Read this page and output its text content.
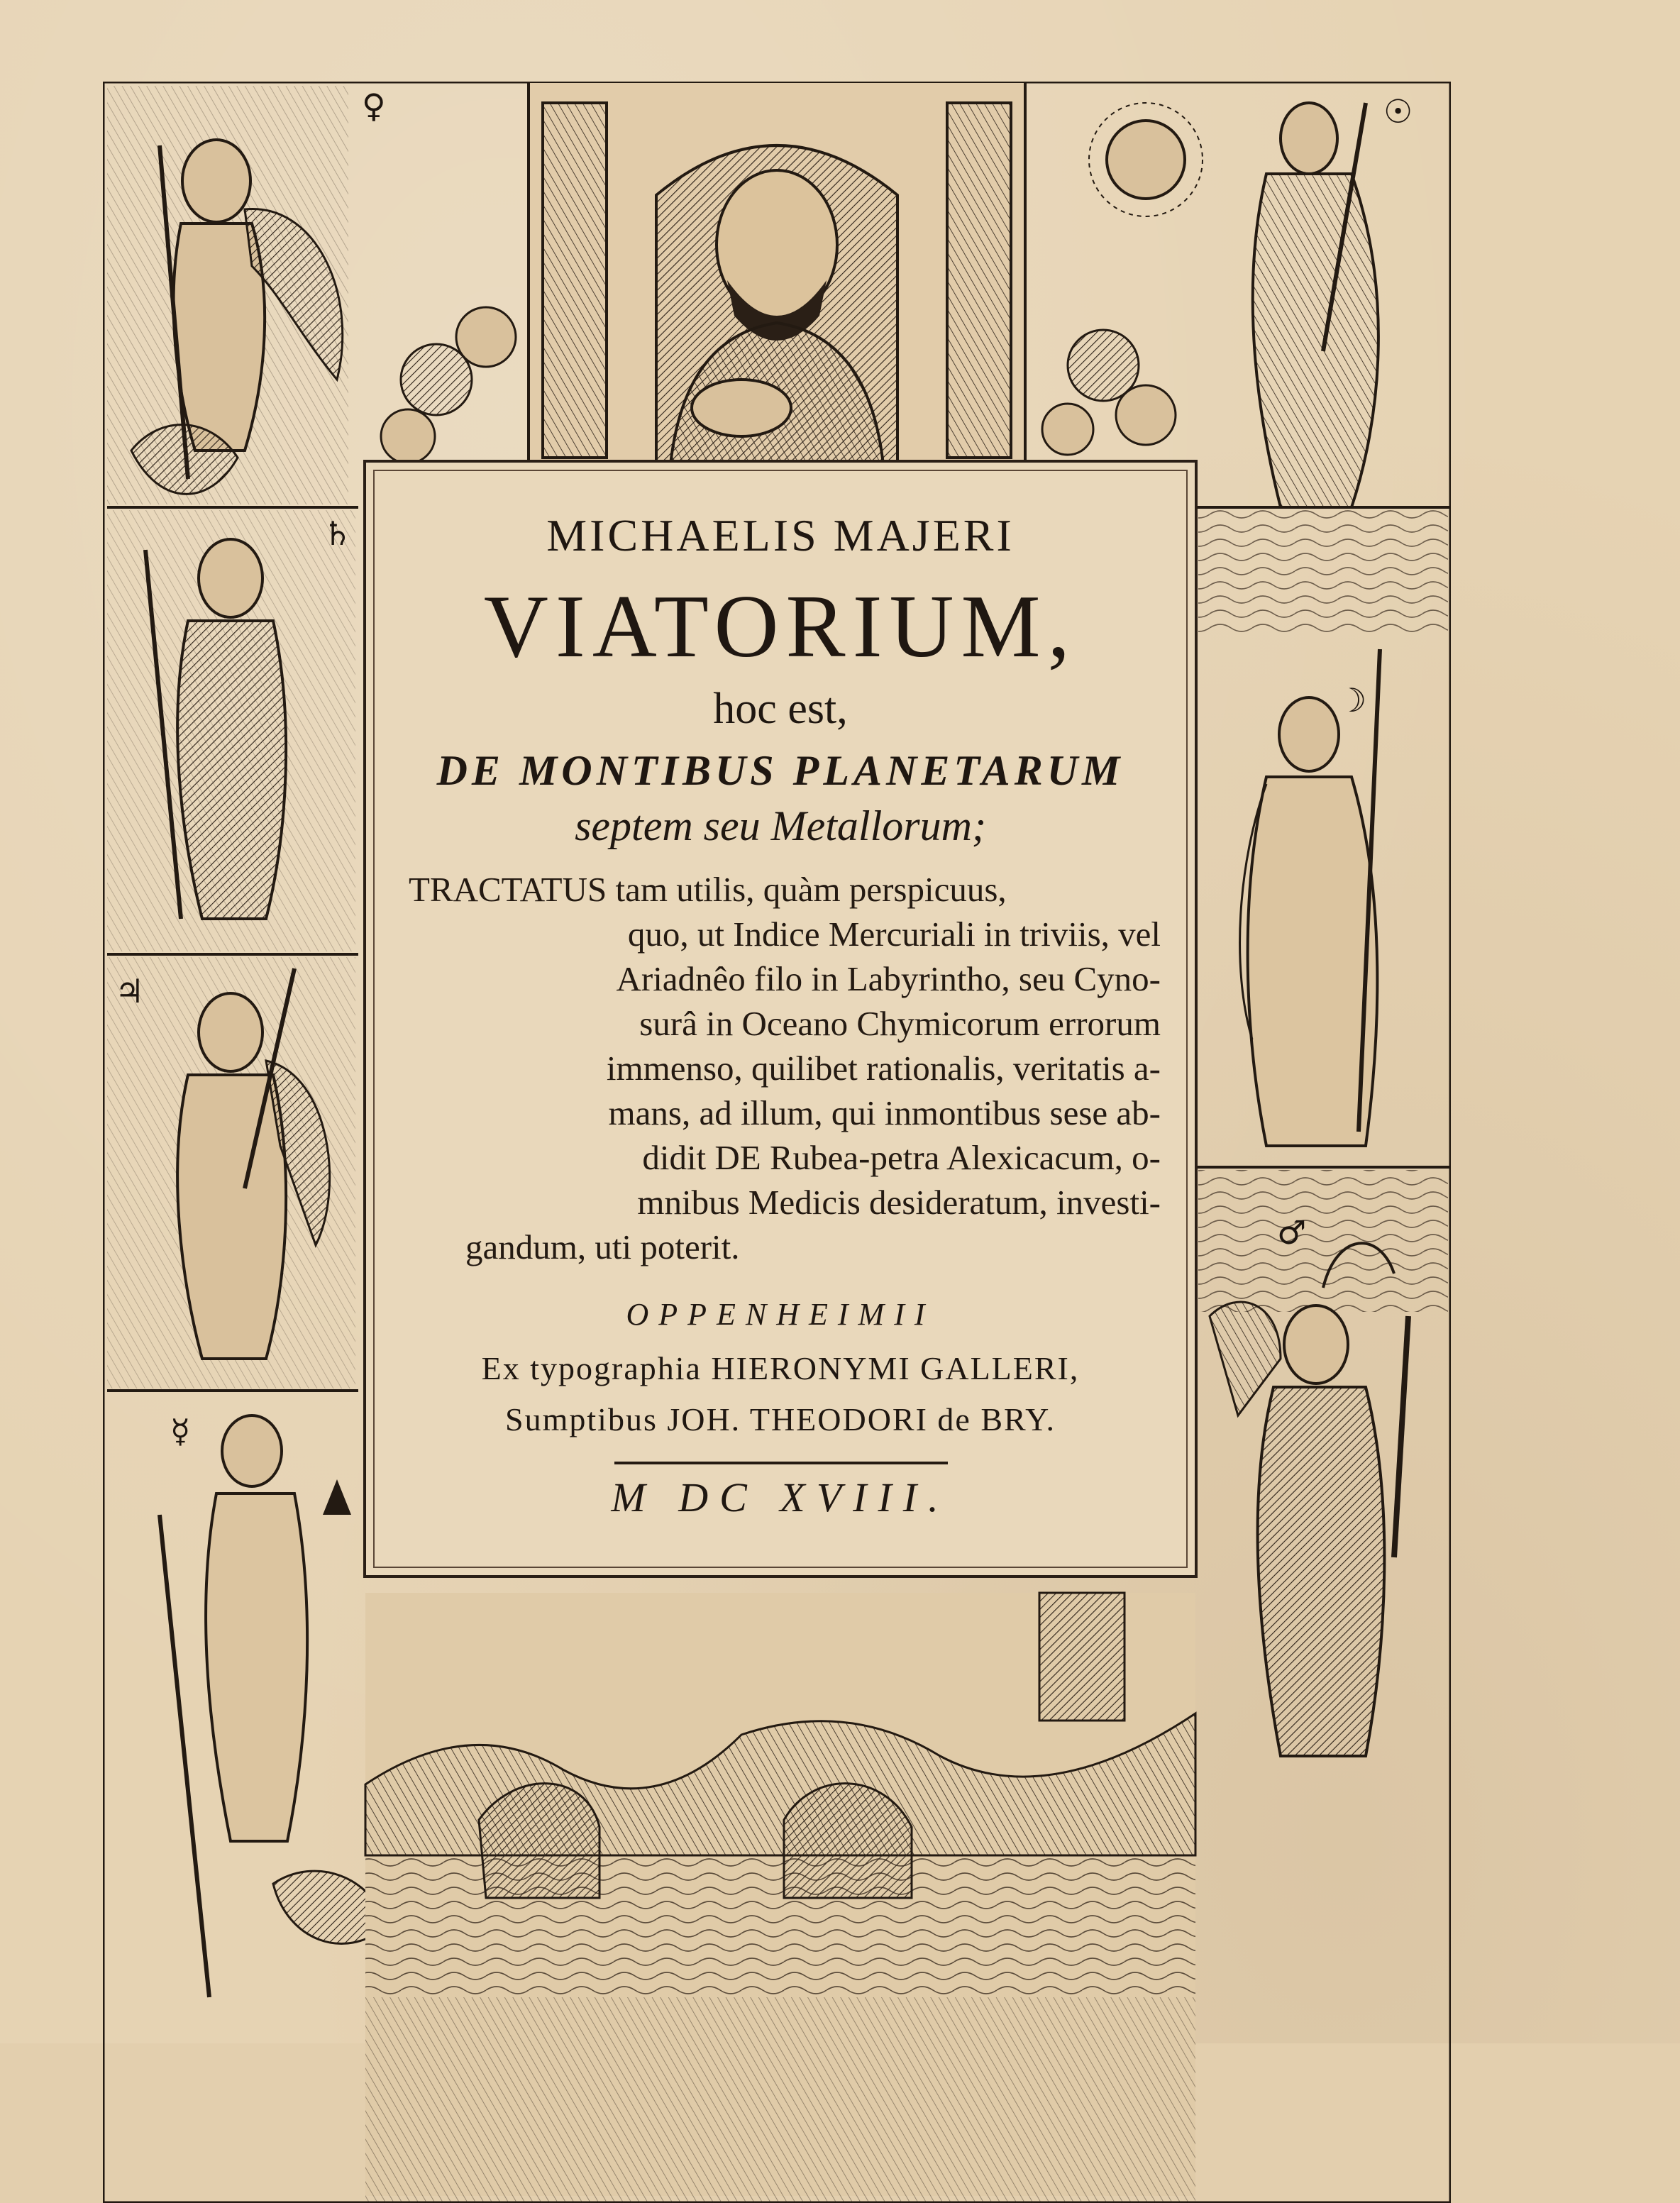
♀	☉
♄
☽
♃
♂
☿
MICHAELIS MAJERI
VIATORIUM,
hoc est,
DE MONTIBUS PLANETARUM
septem seu Metallorum;
TRACTATUS tam utilis, quàm perspicuus,
quo, ut Indice Mercuriali in triviis, vel
Ariadnêo filo in Labyrintho, seu Cyno-
surâ in Oceano Chymicorum errorum
immenso, quilibet rationalis, veritatis a-
mans, ad illum, qui inmontibus sese ab-
didit DE Rubea-petra Alexicacum, o-
mnibus Medicis desideratum, investi-
gandum, uti poterit.
OPPENHEIMII
Ex typographia HIERONYMI GALLERI,
Sumptibus JOH. THEODORI de BRY.
M DC XVIII.
